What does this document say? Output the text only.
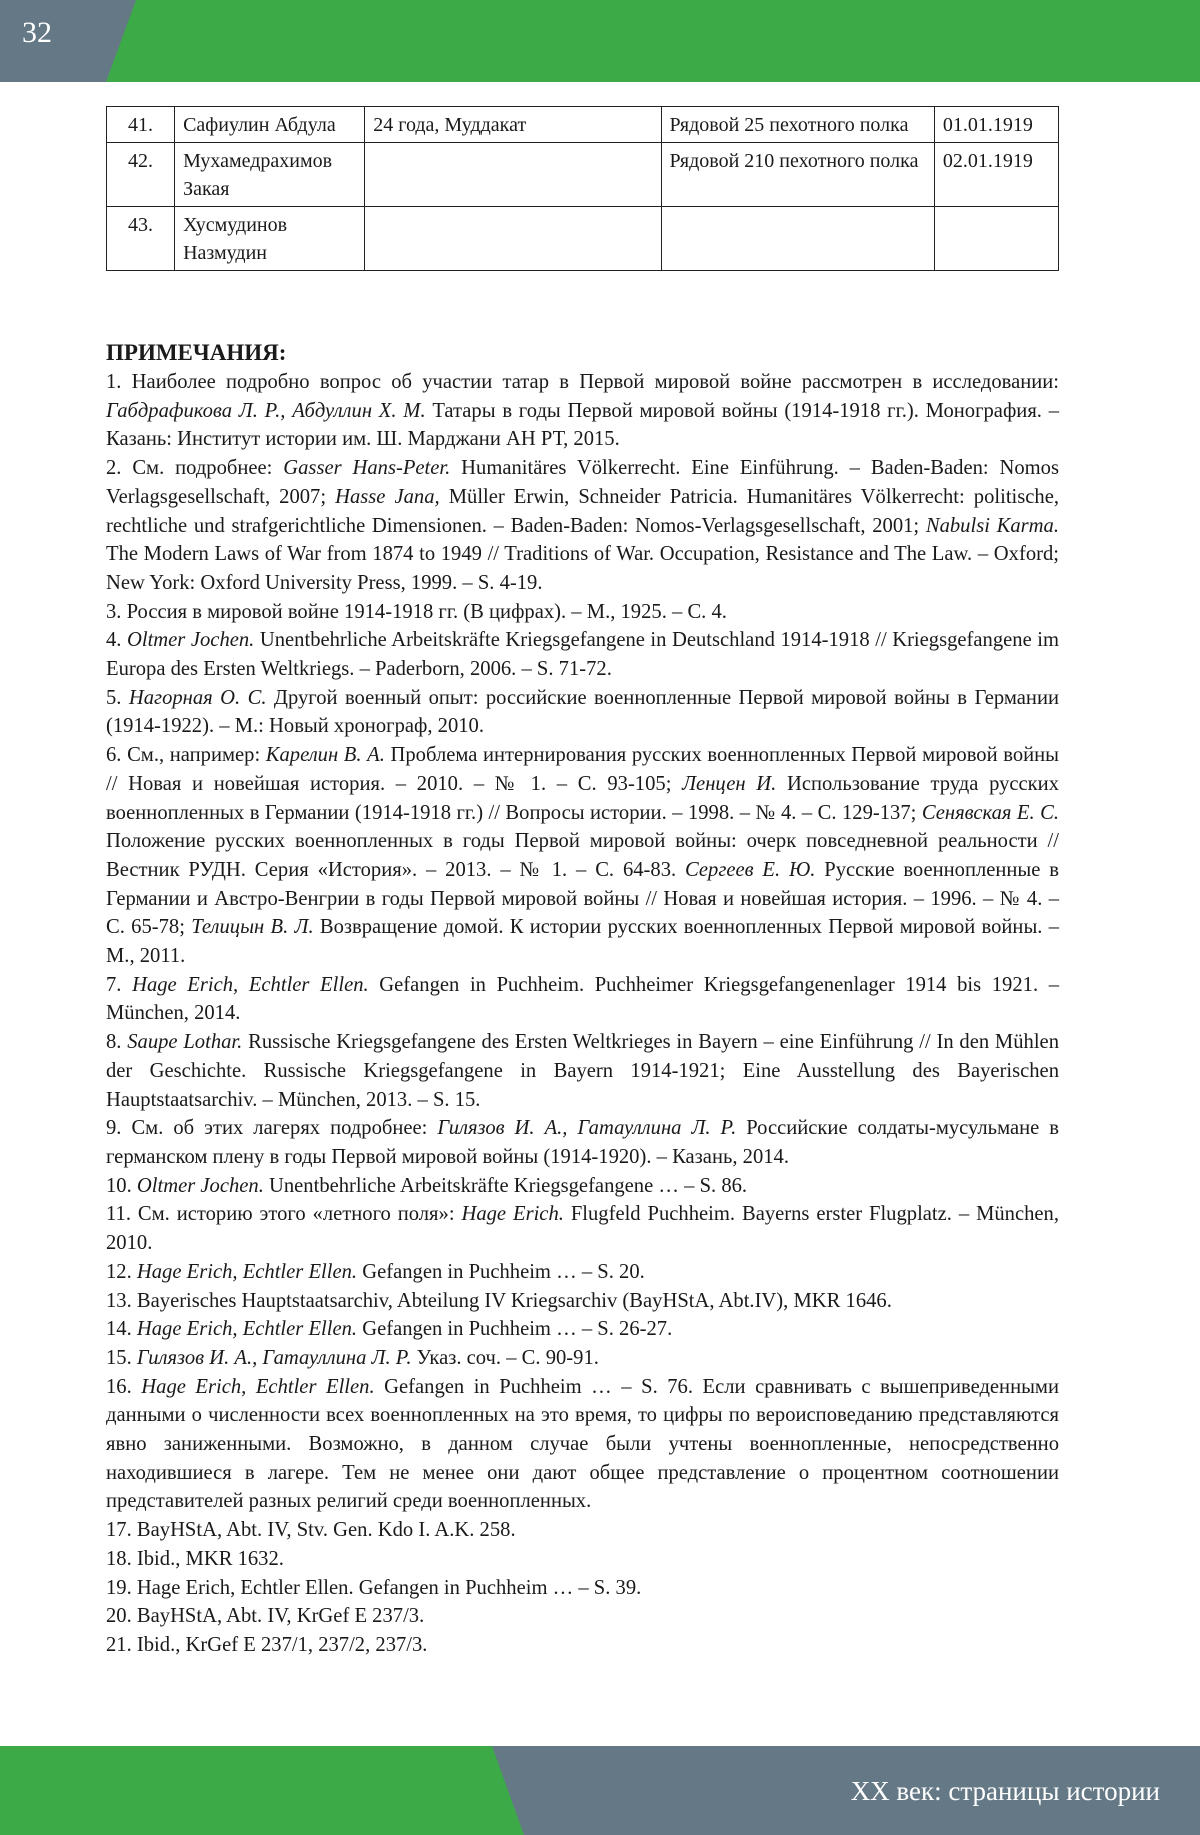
32
41.	Сафиулин Абдула	24 года, Муддакат	Рядовой 25 пехотного полка	01.01.1919
42.	Мухамедрахимов Закая		Рядовой 210 пехотного полка	02.01.1919
43.	Хусмудинов Назмудин			
ПРИМЕЧАНИЯ:

1. Наиболее подробно вопрос об участии татар в Первой мировой войне рассмотрен в исследовании: Габдрафикова Л. Р., Абдуллин Х. М. Татары в годы Первой мировой войны (1914-1918 гг.). Монография. – Казань: Институт истории им. Ш. Марджани АН РТ, 2015.

2. См. подробнее: Gasser Hans-Peter. Humanitäres Völkerrecht. Eine Einführung. – Baden-Baden: Nomos Verlagsgesellschaft, 2007; Hasse Jana, Müller Erwin, Schneider Patricia. Humanitäres Völkerrecht: politische, rechtliche und strafgerichtliche Dimensionen. – Baden-Baden: Nomos-Verlagsgesellschaft, 2001; Nabulsi Karma. The Modern Laws of War from 1874 to 1949 // Traditions of War. Occupation, Resistance and The Law. – Oxford; New York: Oxford University Press, 1999. – S. 4-19.

3. Россия в мировой войне 1914-1918 гг. (В цифрах). – М., 1925. – С. 4.

4. Oltmer Jochen. Unentbehrliche Arbeitskräfte Kriegsgefangene in Deutschland 1914-1918 // Kriegsgefangene im Europa des Ersten Weltkriegs. – Paderborn, 2006. – S. 71-72.

5. Нагорная О. С. Другой военный опыт: российские военнопленные Первой мировой войны в Германии (1914-1922). – М.: Новый хронограф, 2010.

6. См., например: Карелин В. А. Проблема интернирования русских военнопленных Первой мировой войны // Новая и новейшая история. – 2010. – № 1. – С. 93-105; Ленцен И. Использование труда русских военнопленных в Германии (1914-1918 гг.) // Вопросы истории. – 1998. – № 4. – С. 129-137; Сенявская Е. С. Положение русских военнопленных в годы Первой мировой войны: очерк повседневной реальности // Вестник РУДН. Серия «История». – 2013. – № 1. – С. 64-83. Сергеев Е. Ю. Русские военнопленные в Германии и Австро-Венгрии в годы Первой мировой войны // Новая и новейшая история. – 1996. – № 4. – С. 65-78; Телицын В. Л. Возвращение домой. К истории русских военнопленных Первой мировой войны. – М., 2011.

7. Hage Erich, Echtler Ellen. Gefangen in Puchheim. Puchheimer Kriegsgefangenenlager 1914 bis 1921. – München, 2014.

8. Saupe Lothar. Russische Kriegsgefangene des Ersten Weltkrieges in Bayern – eine Einführung // In den Mühlen der Geschichte. Russische Kriegsgefangene in Bayern 1914-1921; Eine Ausstellung des Bayerischen Hauptstaatsarchiv. – München, 2013. – S. 15.

9. См. об этих лагерях подробнее: Гилязов И. А., Гатауллина Л. Р. Российские солдаты-мусульмане в германском плену в годы Первой мировой войны (1914-1920). – Казань, 2014.

10. Oltmer Jochen. Unentbehrliche Arbeitskräfte Kriegsgefangene … – S. 86.

11. См. историю этого «летного поля»: Hage Erich. Flugfeld Puchheim. Bayerns erster Flugplatz. – München, 2010.

12. Hage Erich, Echtler Ellen. Gefangen in Puchheim … – S. 20.

13. Bayerisches Hauptstaatsarchiv, Abteilung IV Kriegsarchiv (BayHStA, Abt.IV), MKR 1646.

14. Hage Erich, Echtler Ellen. Gefangen in Puchheim … – S. 26-27.

15. Гилязов И. А., Гатауллина Л. Р. Указ. соч. – С. 90-91.

16. Hage Erich, Echtler Ellen. Gefangen in Puchheim … – S. 76. Если сравнивать с вышеприведенными данными о численности всех военнопленных на это время, то цифры по вероисповеданию представляются явно заниженными. Возможно, в данном случае были учтены военнопленные, непосредственно находившиеся в лагере. Тем не менее они дают общее представление о процентном соотношении представителей разных религий среди военнопленных.

17. BayHStA, Abt. IV, Stv. Gen. Kdo I. A.K. 258.

18. Ibid., MKR 1632.

19. Hage Erich, Echtler Ellen. Gefangen in Puchheim … – S. 39.

20. BayHStA, Abt. IV, KrGef E 237/3.

21. Ibid., KrGef E 237/1, 237/2, 237/3.

XX век: страницы истории
